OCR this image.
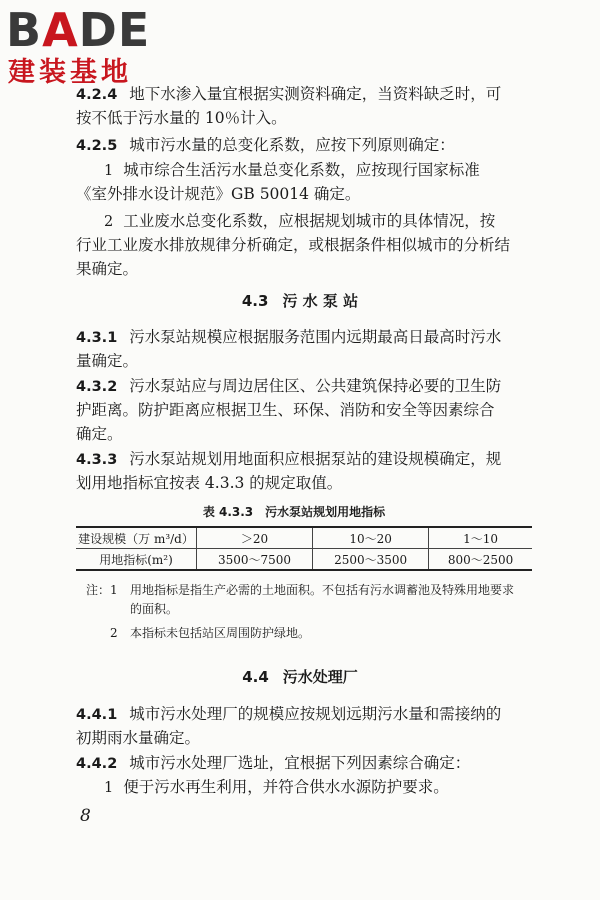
BADE
建装基地
4.2.4 地下水渗入量宜根据实测资料确定，当资料缺乏时，可
按不低于污水量的 10％计入。
4.2.5 城市污水量的总变化系数，应按下列原则确定：
1 城市综合生活污水量总变化系数，应按现行国家标准
《室外排水设计规范》GB 50014 确定。
2 工业废水总变化系数，应根据规划城市的具体情况，按
行业工业废水排放规律分析确定，或根据条件相似城市的分析结
果确定。
4.3 污 水 泵 站
4.3.1 污水泵站规模应根据服务范围内远期最高日最高时污水
量确定。
4.3.2 污水泵站应与周边居住区、公共建筑保持必要的卫生防
护距离。防护距离应根据卫生、环保、消防和安全等因素综合
确定。
4.3.3 污水泵站规划用地面积应根据泵站的建设规模确定，规
划用地指标宜按表 4.3.3 的规定取值。
表 4.3.3 污水泵站规划用地指标
建设规模（万 m³/d）	＞20	10～20	1～10
用地指标(m²)	3500～7500	2500～3500	800～2500
注： 1 用地指标是指生产必需的土地面积。不包括有污水调蓄池及特殊用地要求
的面积。
2 本指标未包括站区周围防护绿地。
4.4 污水处理厂
4.4.1 城市污水处理厂的规模应按规划远期污水量和需接纳的
初期雨水量确定。
4.4.2 城市污水处理厂选址，宜根据下列因素综合确定：
1 便于污水再生利用，并符合供水水源防护要求。
8
